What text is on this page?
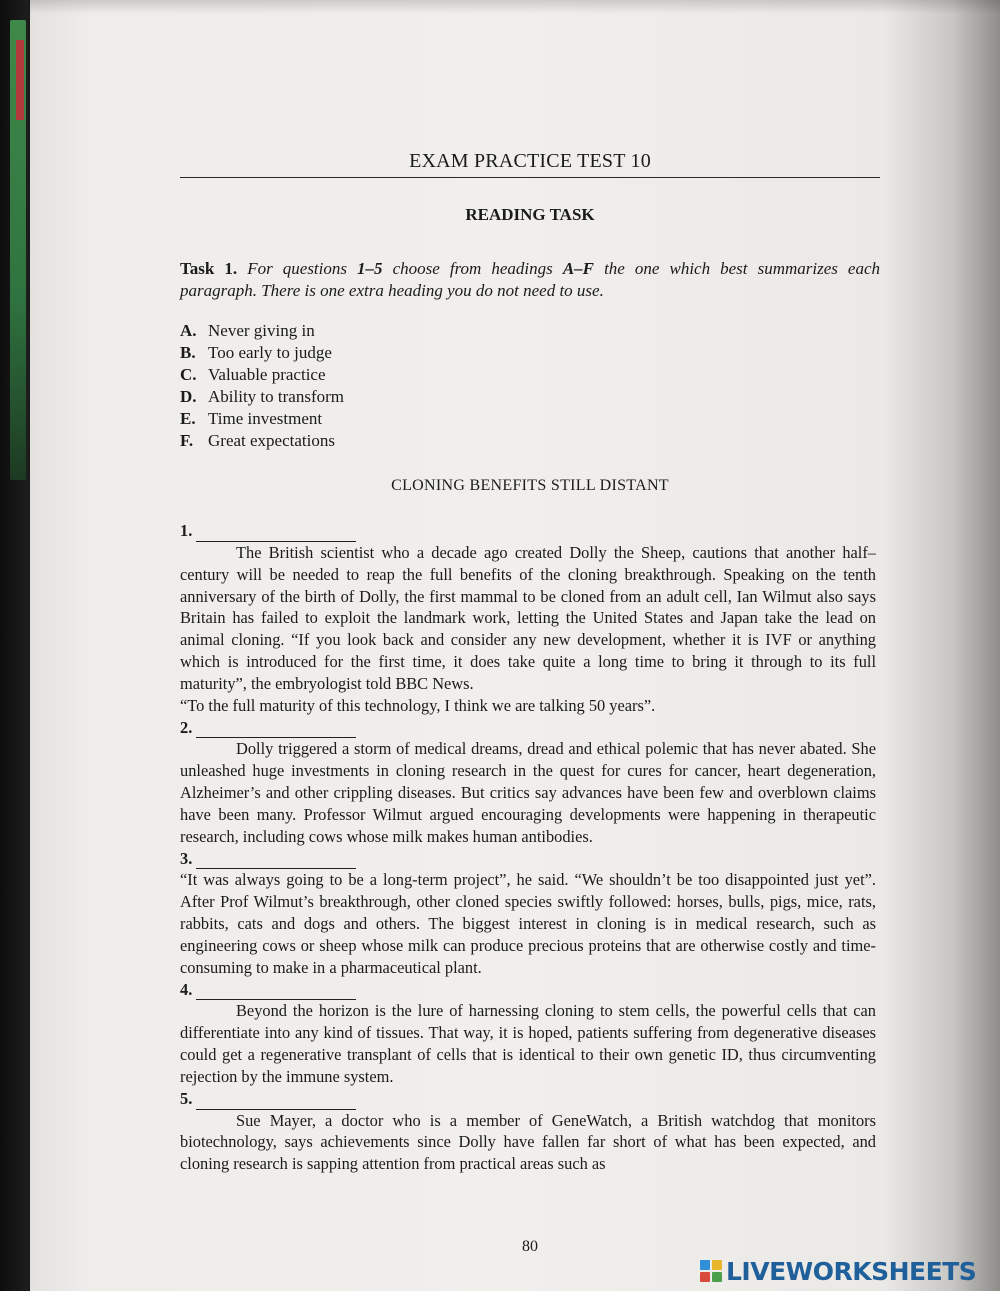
EXAM PRACTICE TEST 10
READING TASK
Task 1. For questions 1–5 choose from headings A–F the one which best summarizes each paragraph. There is one extra heading you do not need to use.
A. Never giving in
B. Too early to judge
C. Valuable practice
D. Ability to transform
E. Time investment
F. Great expectations
CLONING BENEFITS STILL DISTANT
1.

The British scientist who a decade ago created Dolly the Sheep, cautions that another half–century will be needed to reap the full benefits of the cloning breakthrough. Speaking on the tenth anniversary of the birth of Dolly, the first mammal to be cloned from an adult cell, Ian Wilmut also says Britain has failed to exploit the landmark work, letting the United States and Japan take the lead on animal cloning. “If you look back and consider any new development, whether it is IVF or anything which is introduced for the first time, it does take quite a long time to bring it through to its full maturity”, the embryologist told BBC News.

“To the full maturity of this technology, I think we are talking 50 years”.

2.

Dolly triggered a storm of medical dreams, dread and ethical polemic that has never abated. She unleashed huge investments in cloning research in the quest for cures for cancer, heart degeneration, Alzheimer’s and other crippling diseases. But critics say advances have been few and overblown claims have been many. Professor Wilmut argued encouraging developments were happening in therapeutic research, including cows whose milk makes human antibodies.

3.

“It was always going to be a long-term project”, he said. “We shouldn’t be too disappointed just yet”. After Prof Wilmut’s breakthrough, other cloned species swiftly followed: horses, bulls, pigs, mice, rats, rabbits, cats and dogs and others. The biggest interest in cloning is in medical research, such as engineering cows or sheep whose milk can produce precious proteins that are otherwise costly and time-consuming to make in a pharmaceutical plant.

4.

Beyond the horizon is the lure of harnessing cloning to stem cells, the powerful cells that can differentiate into any kind of tissues. That way, it is hoped, patients suffering from degenerative diseases could get a regenerative transplant of cells that is identical to their own genetic ID, thus circumventing rejection by the immune system.

5.

Sue Mayer, a doctor who is a member of GeneWatch, a British watchdog that monitors biotechnology, says achievements since Dolly have fallen far short of what has been expected, and cloning research is sapping attention from practical areas such as

80
LIVEWORKSHEETS
